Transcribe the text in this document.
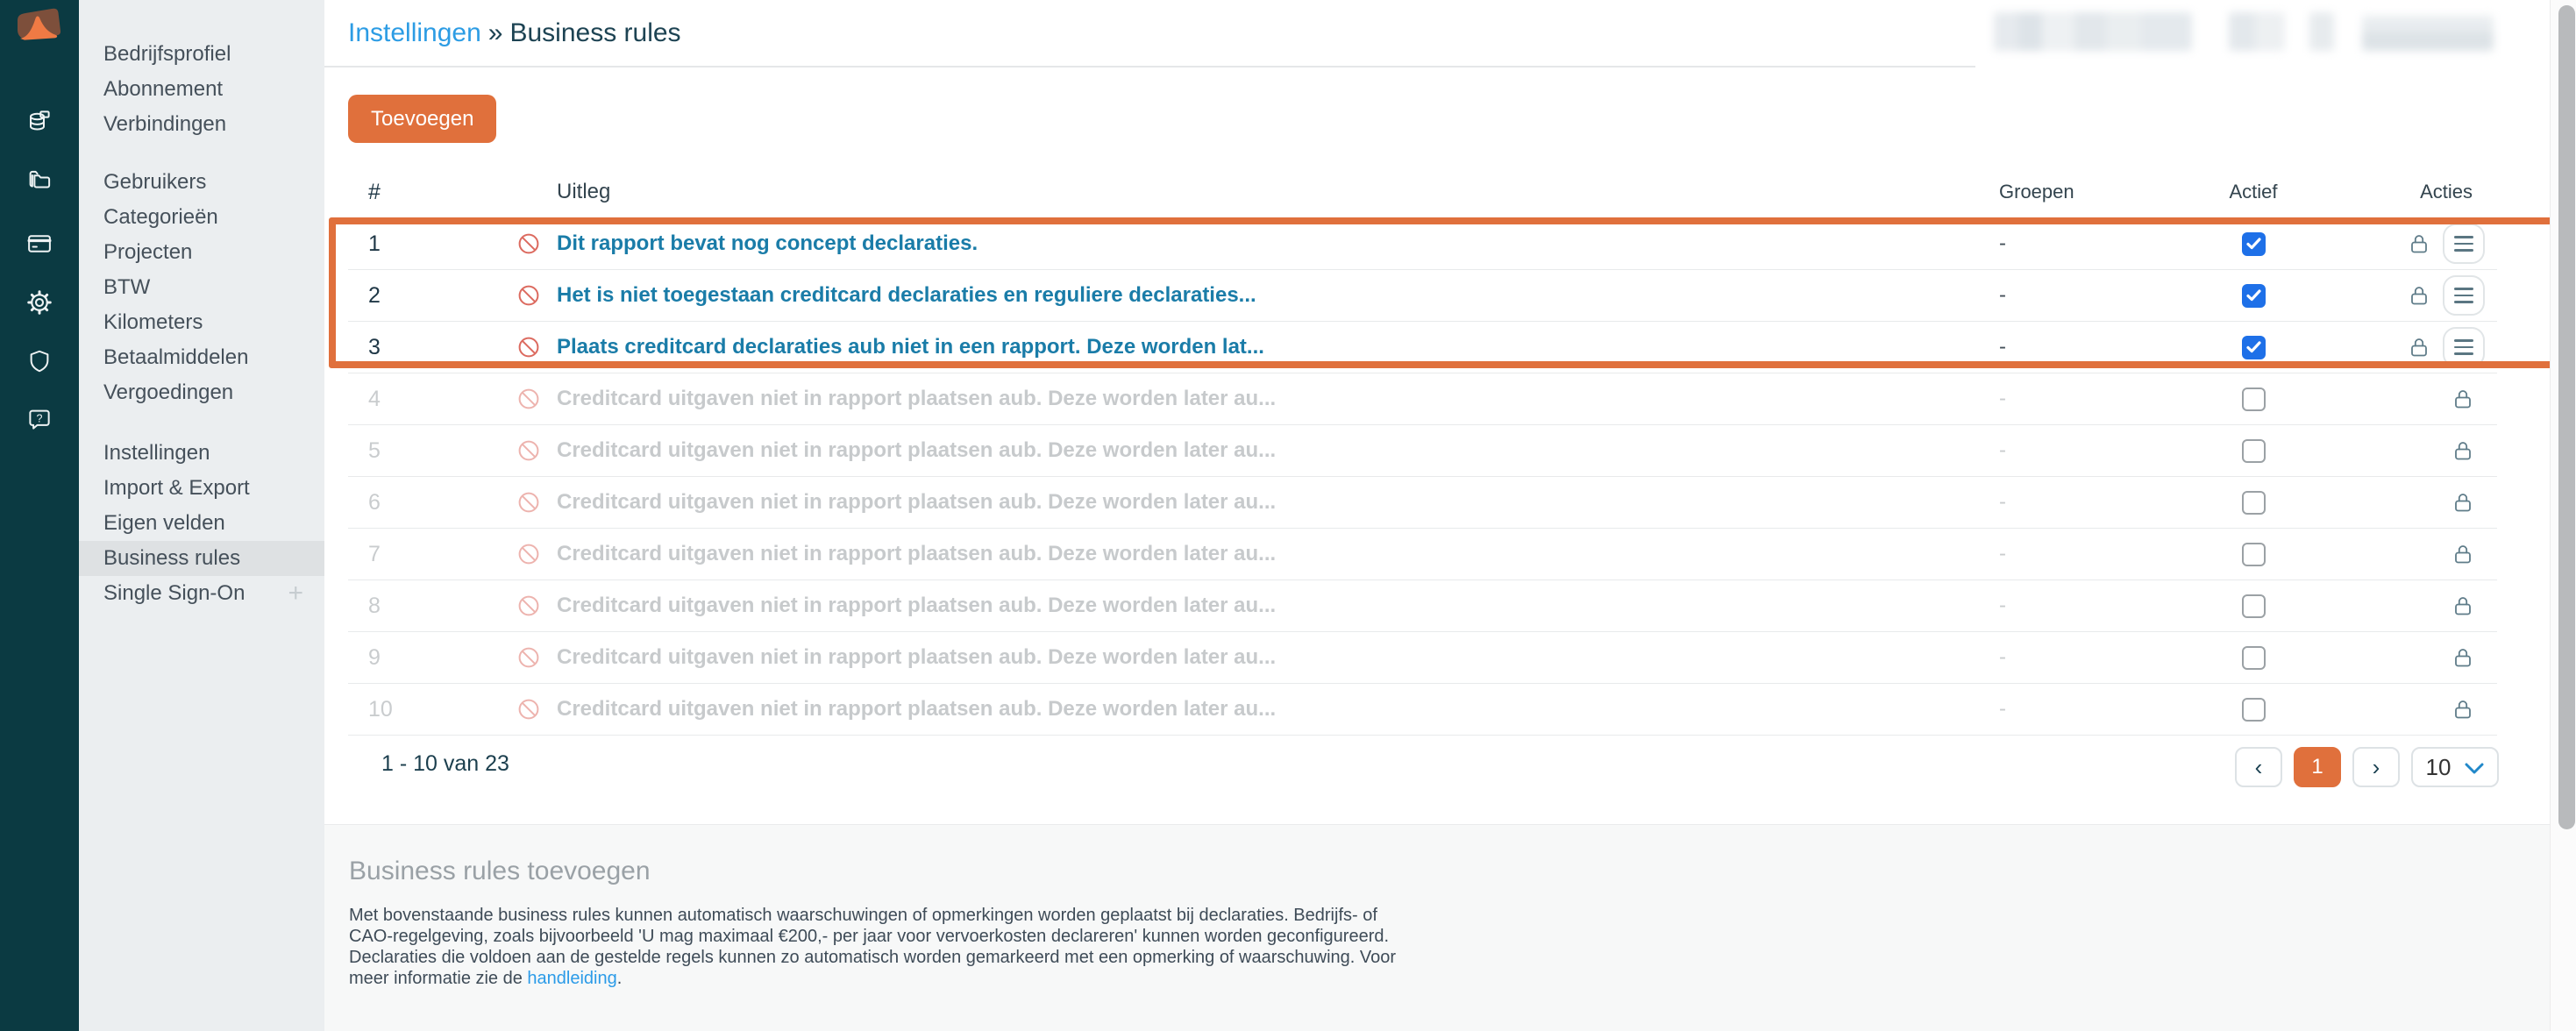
?
Bedrijfsprofiel
Abonnement
Verbindingen
Gebruikers
Categorieën
Projecten
BTW
Kilometers
Betaalmiddelen
Vergoedingen
Instellingen
Import & Export
Eigen velden
Business rules
Single Sign-On +
Instellingen » Business rules
Toevoegen
#	Uitleg	Groepen	Actief	Acties
1	Dit rapport bevat nog concept declaraties.	-
2	Het is niet toegestaan creditcard declaraties en reguliere declaraties...	-
3	Plaats creditcard declaraties aub niet in een rapport. Deze worden lat...	-
4	Creditcard uitgaven niet in rapport plaatsen aub. Deze worden later au...	-
5	Creditcard uitgaven niet in rapport plaatsen aub. Deze worden later au...	-
6	Creditcard uitgaven niet in rapport plaatsen aub. Deze worden later au...	-
7	Creditcard uitgaven niet in rapport plaatsen aub. Deze worden later au...	-
8	Creditcard uitgaven niet in rapport plaatsen aub. Deze worden later au...	-
9	Creditcard uitgaven niet in rapport plaatsen aub. Deze worden later au...	-
10	Creditcard uitgaven niet in rapport plaatsen aub. Deze worden later au...	-
1 - 10 van 23	‹	1	›	10
Business rules toevoegen

Met bovenstaande business rules kunnen automatisch waarschuwingen of opmerkingen worden geplaatst bij declaraties. Bedrijfs- of CAO-regelgeving, zoals bijvoorbeeld 'U mag maximaal €200,- per jaar voor vervoerkosten declareren' kunnen worden geconfigureerd. Declaraties die voldoen aan de gestelde regels kunnen zo automatisch worden gemarkeerd met een opmerking of waarschuwing. Voor meer informatie zie de handleiding.
